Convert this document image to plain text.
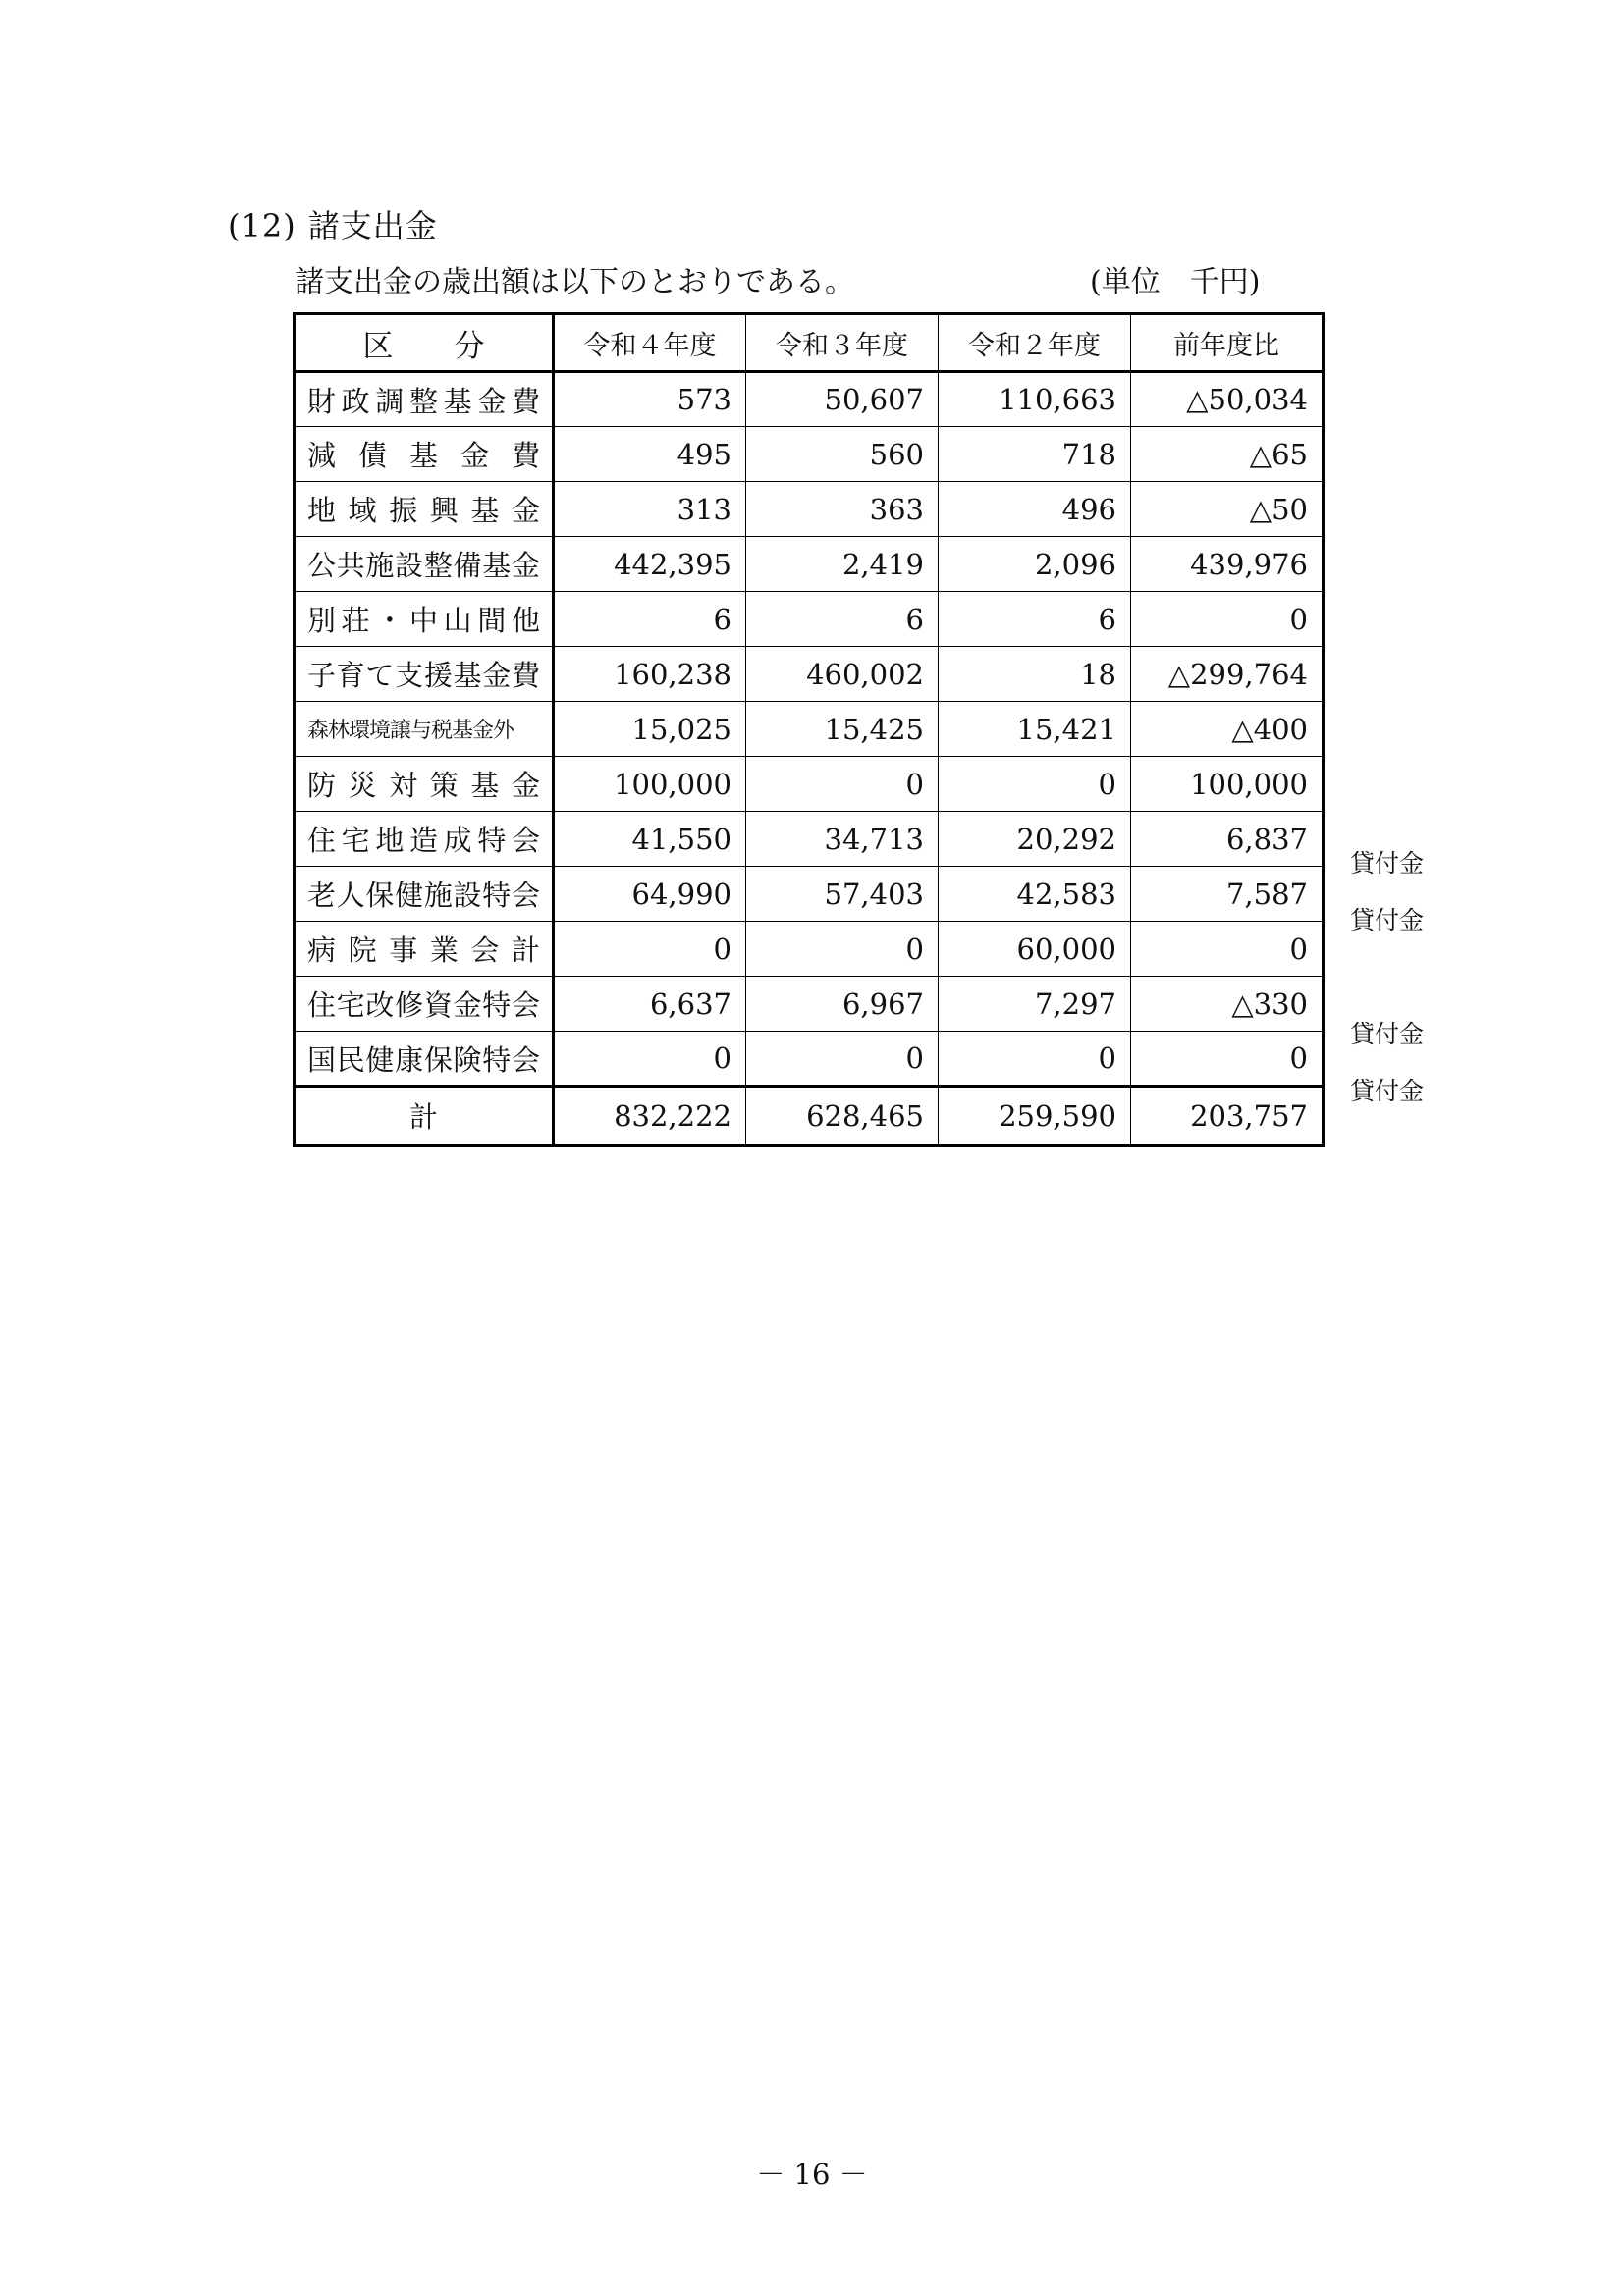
(12) 諸支出金
諸支出金の歳出額は以下のとおりである。	(単位　千円)
区　　分	令和４年度	令和３年度	令和２年度	前年度比
財政調整基金費	573	50,607	110,663	△50,034
減債基金費	495	560	718	△65
地域振興基金	313	363	496	△50
公共施設整備基金	442,395	2,419	2,096	439,976
別荘・中山間他	6	6	6	0
子育て支援基金費	160,238	460,002	18	△299,764
森林環境譲与税基金外	15,025	15,425	15,421	△400
防災対策基金	100,000	0	0	100,000
住宅地造成特会	41,550	34,713	20,292	6,837
老人保健施設特会	64,990	57,403	42,583	7,587
病院事業会計	0	0	60,000	0
住宅改修資金特会	6,637	6,967	7,297	△330
国民健康保険特会	0	0	0	0
計	832,222	628,465	259,590	203,757
貸付金
貸付金
貸付金
貸付金
－ 16 －
